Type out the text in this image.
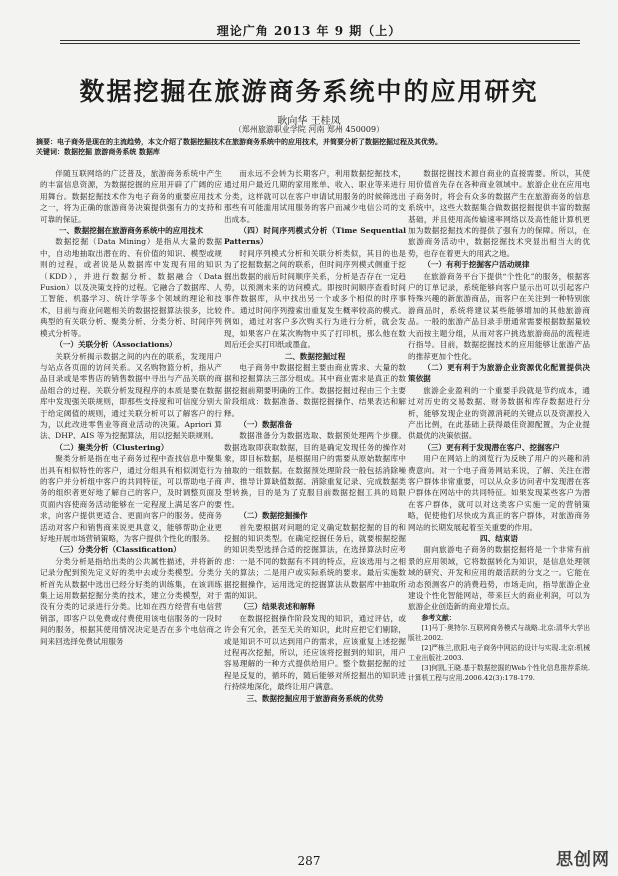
理论广角 2013 年 9 期（上）
数据挖掘在旅游商务系统中的应用研究
耿向华 王桂凤
（郑州旅游职业学院 河南 郑州 450009）
摘要：电子商务是现在的主流趋势，本文介绍了数据挖掘技术在旅游商务系统中的应用技术，并简要分析了数据挖掘过程及其优势。
关键词：数据挖掘 旅游商务系统 数据库

伴随互联网络的广泛普及，旅游商务系统中产生的丰富信息资源，为数据挖掘的应用开辟了广阔的应用舞台。数据挖掘技术作为电子商务的重要应用技术之一，将为正确的旅游商务决策提供强有力的支持和可靠的保证。

一、数据挖掘在旅游商务系统中的应用技术

数据挖掘（Data Mining）是指从大量的数据中，自动地抽取出潜在的、有价值的知识、模型或规则的过程，或者说是从数据库中发现有用的知识（KDD），并进行数据分析、数据融合（Data Fusion）以及决策支持的过程。它融合了数据库、人工智能、机器学习、统计学等多个领域的理论和技术，目前与商业问题相关的数据挖掘算法很多，比较典型的有关联分析、聚类分析、分类分析、时间序列模式分析等。

（一）关联分析（Associations）

关联分析揭示数据之间的内在的联系，发现用户与站点各页面的访问关系。又名购物篮分析，指从产品目录或是零售店的销售数据中寻出与产品关联的商品组合的过程。关联分析发现程序的本质是要在数据库中发现强关联规则，即那些支持度和可信度分别大于给定阈值的规则，通过关联分析可以了解客户的行为，以此改进零售业等商业活动的决策。Apriori 算法、DHP、AIS 等为挖掘算法，用以挖掘关联规则。

（二）聚类分析（Clustering）

聚类分析是指在电子商务过程中查找信息中聚集出具有相似特性的客户，通过分组具有相似浏览行为的客户并分析组中客户的共同特征，可以帮助电子商务的组织者更好地了解自己的客户，及时调整页面及页面内容使商务活动能够在一定程度上满足客户的要求，向客户提供更适合、更面向客户的服务。使商务活动对客户和销售商来说更具意义，能够帮助企业更好地开展市场营销策略，为客户提供个性化的服务。

（三）分类分析（Classification）

分类分析是指给出类的公共属性描述，并将新的记录分配到预先定义好的类中去或分类模型。分类分析首先从数据中选出已经分好类的训练集，在该训练集上运用数据挖掘分类的技术，建立分类模型，对于没有分类的记录进行分类。比如在西方经营有电信营销部，即客户以免费或付费使用该电信服务的一段时间的服务，根据其使用情况决定是否在多个电信商之间来回选择免费试用服务

而永远不会转为长期客户，利用数据挖掘技术，通过用户最近几期的家用账单、收入、职业等来进行分类，这样就可以在客户申请试用服务的时候筛选出那些有可能滥用试用服务的客户而减少电信公司的支出成本。

（四）时间序列模式分析（Time Sequential Patterns）

时间序列模式分析和关联分析类似，其目的也是为了挖掘数据之间的联系，但时间序列模式侧重于挖掘出数据的前后时间顺序关系，分析是否存在一定趋势，以预测未来的访问模式。即按时间顺序查看时间事件数据库，从中找出另一个或多个相似的时序事件。通过时间序列搜索出重复发生概率较高的模式。例如，通过对客户多次购买行为进行分析，就会发现，如果客户在某次购物中买了打印机，那么他在数周后还会买打印纸或墨盒。

二、数据挖掘过程

电子商务中数据挖掘主要由商业需求、大量的数据和挖掘算法三部分组成。其中商业需求是真正的数据挖掘前期要明确的工作。数据挖掘过程由三个主要阶段组成：数据准备、数据挖掘操作、结果表达和解释。

（一）数据准备

数据准备分为数据选取、数据预处理两个步骤。数据选取即获取数据，目的是确定发现任务的操作对象，即目标数据，是根据用户的需要从原始数据库中抽取的一组数据。在数据预处理阶段一般包括消除噪声、推导计算缺值数据、消除重复记录、完成数据类型转换，目的是为了克服目前数据挖掘工具的局限性。

（二）数据挖掘操作

首先要根据对问题的定义确定数据挖掘的目的和挖掘的知识类型。在确定挖掘任务后，就要根据挖掘的知识类型选择合适的挖掘算法，在选择算法时应考虑：一是不同的数据有不同的特点，应该选用与之相关的算法；二是用户或实际系统的要求。最后实施数据挖掘操作，运用选定的挖掘算法从数据库中抽取所需的知识。

（三）结果表述和解释

在数据挖掘操作阶段发现的知识，通过评估，或许会有冗余，甚至无关的知识，此时应把它们剔除，或是知识不可以达到用户的需求，应该重复上述挖掘过程再次挖掘，所以，还应该将挖掘到的知识，用户容易理解的一种方式提供给用户。整个数据挖掘的过程是反复的，循环的，随后能够对所挖掘出的知识进行持续地深化，最终让用户满意。

三、数据挖掘应用于旅游商务系统的优势

数据挖掘技术源自商业的直接需要。所以，其使用价值首先存在各种商业领域中。旅游企业在应用电子商务时，将会有众多的数据产生在旅游商务的信息系统中，这些大数据集合做数据挖掘提供丰富的数据基础，并且使用高传输速率网络以及高性能计算机更加为数据挖掘技术的提供了强有力的保障。所以，在旅游商务活动中，数据挖掘技术突显出相当大的优势，也存在着更大的用武之地。

（一）有利于挖掘客户活动规律

在旅游商务平台下提供“个性化”的服务，根据客户的订单记录，系统能够向客户显示出可以引起客户特殊兴趣的新旅游商品，而客户在关注到一种特别旅游商品时，系统将建议某些能够增加的其他旅游商品。一般的旅游产品目录手册通常需要根据数据量较大而按主题分组，从而对客户挑选旅游商品的流程进行指导。目前，数据挖掘技术的应用能够让旅游产品的推荐更加个性化。

（二）更有利于为旅游企业资源优化配置提供决策依据

旅游企业盈利的一个重要手段就是节约成本，通过对历史的交易数据、财务数据和库存数据进行分析，能够发现企业的资源消耗的关键点以及资源投入产出比例，在此基础上获得最佳资源配置，为企业提供最优的决策依据。

（三）更有利于发现潜在客户、挖掘客户

用户在网站上的浏览行为反映了用户的兴趣和消费意向。对一个电子商务网站来说，了解、关注在潜客户群体非常重要，可以从众多访问者中发现潜在客户群体在网站中的共同特征。如果发现某些客户为潜在客户群体，就可以对这类客户实施一定的营销策略，促使他们尽快成为真正的客户群体，对旅游商务网站的长期发展起着至关重要的作用。

四、结束语

面向旅游电子商务的数据挖掘将是一个非常有前景的应用领域，它将数据转化为知识，是信息处理领域的研究、开发和应用的最活跃的分支之一。它能在动态预测客户的消费趋势，市场走向，指导旅游企业建设个性化智能网站，带来巨大的商业利润，可以为旅游企业创造新的商业增长点。

参考文献：

[1]马丁·奥特尔.互联网商务模式与战略.北京:清华大学出版社.2002.

[2]严栋兰,欧阳.电子商务中网站的设计与实现.北京:机械工业出版社.2003.

[3]何凯,王晓.基于数据挖掘的Web个性化信息推荐系统.计算机工程与应用.2006.42(3):178-179.

287	思创网
